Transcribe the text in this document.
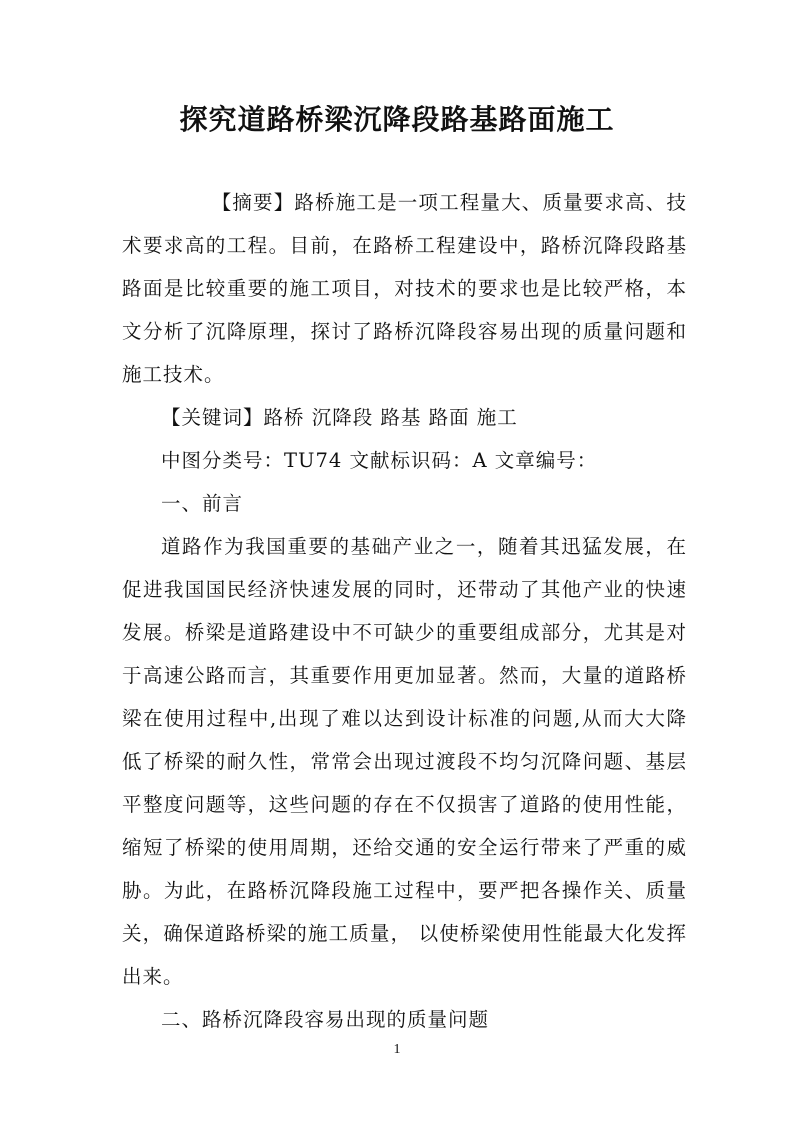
探究道路桥梁沉降段路基路面施工

【摘要】路桥施工是一项工程量大、质量要求高、技术要求高的工程。目前，在路桥工程建设中，路桥沉降段路基路面是比较重要的施工项目，对技术的要求也是比较严格，本文分析了沉降原理，探讨了路桥沉降段容易出现的质量问题和施工技术。

【关键词】路桥 沉降段 路基 路面 施工

中图分类号：TU74 文献标识码：A 文章编号：

一、前言

道路作为我国重要的基础产业之一，随着其迅猛发展，在促进我国国民经济快速发展的同时，还带动了其他产业的快速发展。桥梁是道路建设中不可缺少的重要组成部分，尤其是对于高速公路而言，其重要作用更加显著。然而，大量的道路桥梁在使用过程中,出现了难以达到设计标准的问题,从而大大降低了桥梁的耐久性，常常会出现过渡段不均匀沉降问题、基层平整度问题等，这些问题的存在不仅损害了道路的使用性能，缩短了桥梁的使用周期，还给交通的安全运行带来了严重的威胁。为此，在路桥沉降段施工过程中，要严把各操作关、质量关，确保道路桥梁的施工质量， 以使桥梁使用性能最大化发挥出来。

二、路桥沉降段容易出现的质量问题

1
